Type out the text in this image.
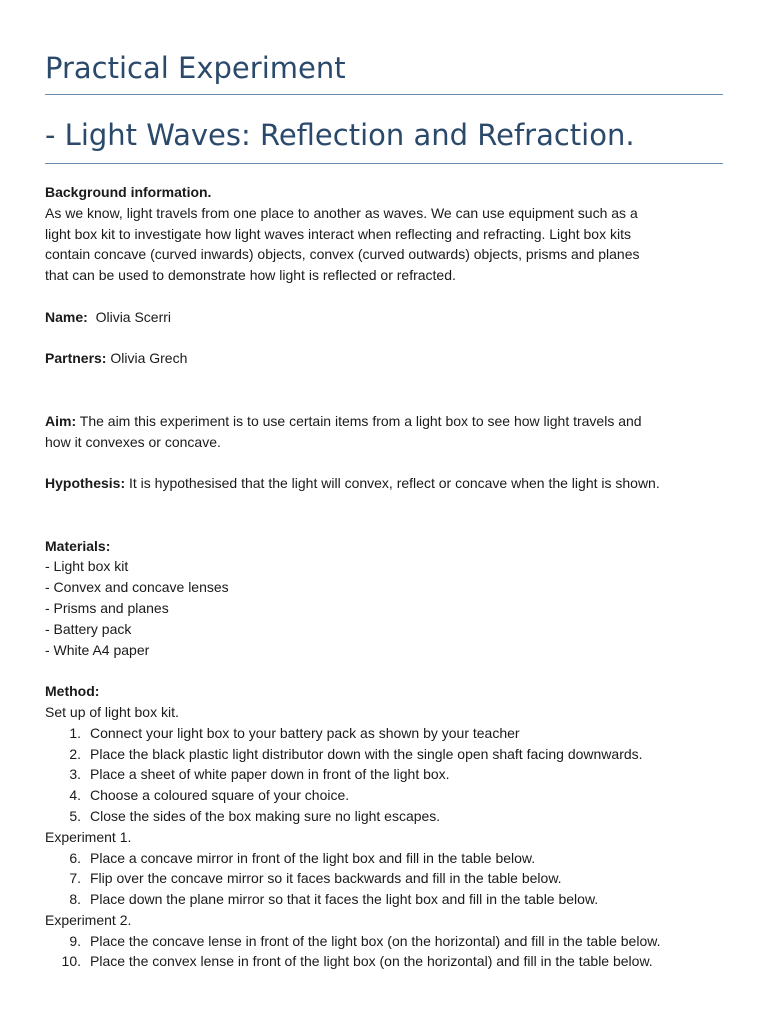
Practical Experiment
- Light Waves: Reflection and Refraction.
Background information.
As we know, light travels from one place to another as waves. We can use equipment such as a
light box kit to investigate how light waves interact when reflecting and refracting. Light box kits
contain concave (curved inwards) objects, convex (curved outwards) objects, prisms and planes
that can be used to demonstrate how light is reflected or refracted.
Name:  Olivia Scerri
Partners: Olivia Grech
Aim: The aim this experiment is to use certain items from a light box to see how light travels and
how it convexes or concave.
Hypothesis: It is hypothesised that the light will convex, reflect or concave when the light is shown.
Materials:
- Light box kit
- Convex and concave lenses
- Prisms and planes
- Battery pack
- White A4 paper
Method:
Set up of light box kit.
1. Connect your light box to your battery pack as shown by your teacher
2. Place the black plastic light distributor down with the single open shaft facing downwards.
3. Place a sheet of white paper down in front of the light box.
4. Choose a coloured square of your choice.
5. Close the sides of the box making sure no light escapes.
Experiment 1.
6. Place a concave mirror in front of the light box and fill in the table below.
7. Flip over the concave mirror so it faces backwards and fill in the table below.
8. Place down the plane mirror so that it faces the light box and fill in the table below.
Experiment 2.
9. Place the concave lense in front of the light box (on the horizontal) and fill in the table below.
10. Place the convex lense in front of the light box (on the horizontal) and fill in the table below.
